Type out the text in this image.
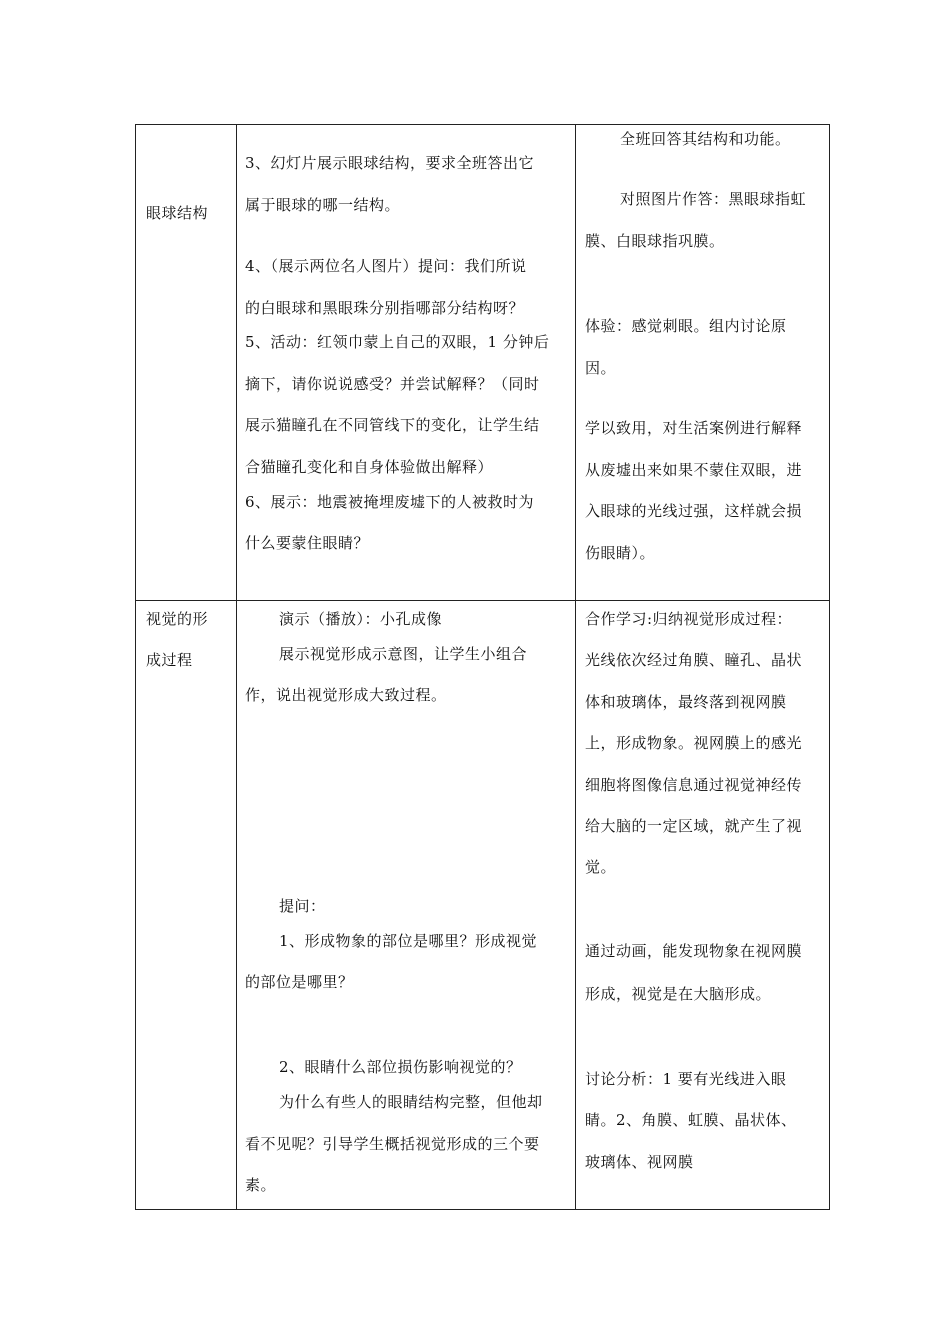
眼球结构
3、幻灯片展示眼球结构，要求全班答出它
属于眼球的哪一结构。
4、（展示两位名人图片）提问：我们所说
的白眼球和黑眼珠分别指哪部分结构呀？
5、活动：红领巾蒙上自己的双眼，1 分钟后
摘下，请你说说感受？并尝试解释？（同时
展示猫瞳孔在不同管线下的变化，让学生结
合猫瞳孔变化和自身体验做出解释）
6、展示：地震被掩埋废墟下的人被救时为
什么要蒙住眼睛？
全班回答其结构和功能。
对照图片作答：黑眼球指虹
膜、白眼球指巩膜。
体验：感觉刺眼。组内讨论原
因。
学以致用，对生活案例进行解释
从废墟出来如果不蒙住双眼，进
入眼球的光线过强，这样就会损
伤眼睛）。
视觉的形
成过程
演示（播放）：小孔成像
展示视觉形成示意图，让学生小组合
作，说出视觉形成大致过程。
提问：
1、形成物象的部位是哪里？形成视觉
的部位是哪里？
2、眼睛什么部位损伤影响视觉的？
为什么有些人的眼睛结构完整，但他却
看不见呢？引导学生概括视觉形成的三个要
素。
合作学习:归纳视觉形成过程：
光线依次经过角膜、瞳孔、晶状
体和玻璃体，最终落到视网膜
上，形成物象。视网膜上的感光
细胞将图像信息通过视觉神经传
给大脑的一定区域，就产生了视
觉。
通过动画，能发现物象在视网膜
形成，视觉是在大脑形成。
讨论分析：1 要有光线进入眼
睛。2、角膜、虹膜、晶状体、
玻璃体、视网膜
